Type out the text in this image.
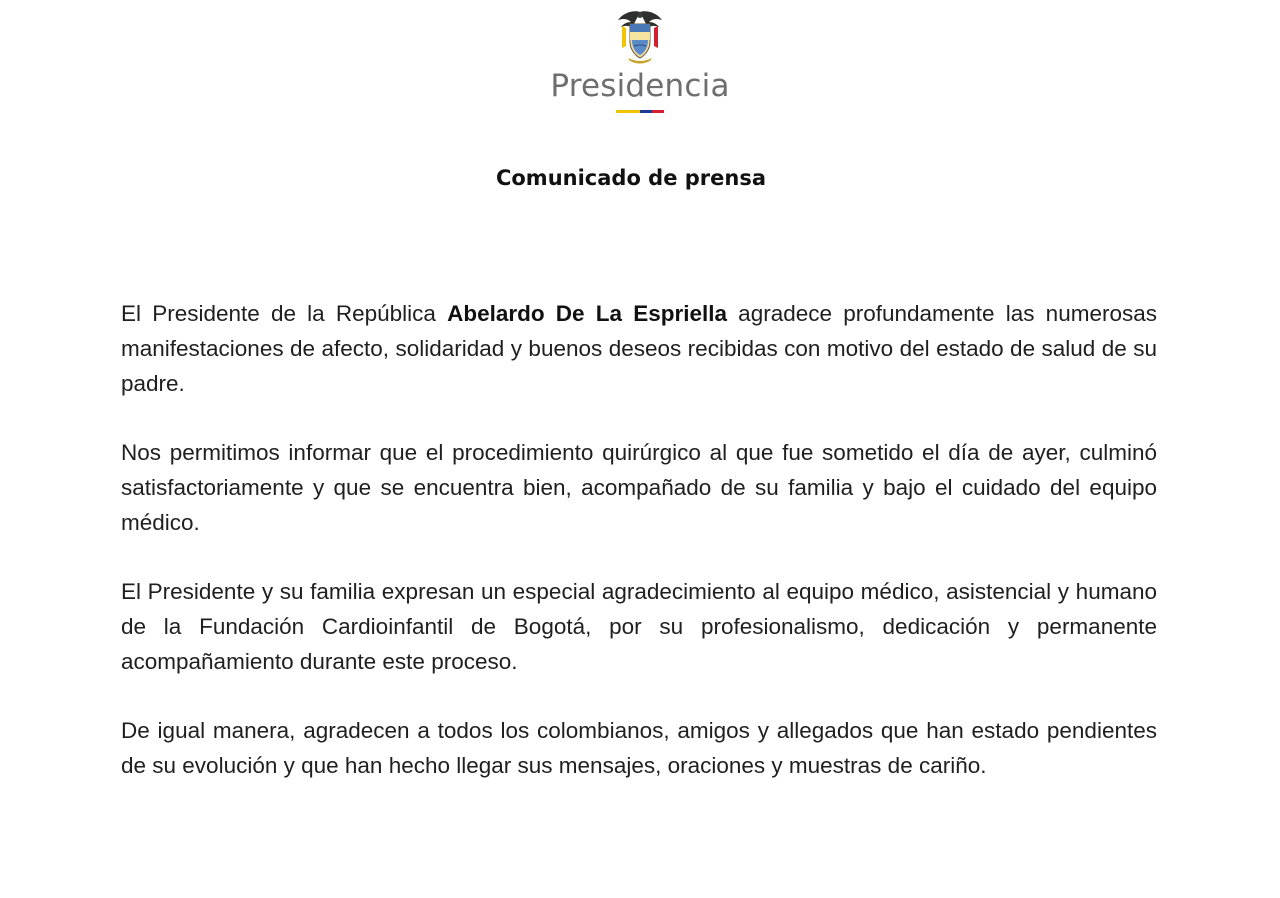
Presidencia
Comunicado de prensa

El Presidente de la República Abelardo De La Espriella agradece profundamente las numerosas manifestaciones de afecto, solidaridad y buenos deseos recibidas con motivo del estado de salud de su padre.

Nos permitimos informar que el procedimiento quirúrgico al que fue sometido el día de ayer, culminó satisfactoriamente y que se encuentra bien, acompañado de su familia y bajo el cuidado del equipo médico.

El Presidente y su familia expresan un especial agradecimiento al equipo médico, asistencial y humano de la Fundación Cardioinfantil de Bogotá, por su profesionalismo, dedicación y permanente acompañamiento durante este proceso.

De igual manera, agradecen a todos los colombianos, amigos y allegados que han estado pendientes de su evolución y que han hecho llegar sus mensajes, oraciones y muestras de cariño.
